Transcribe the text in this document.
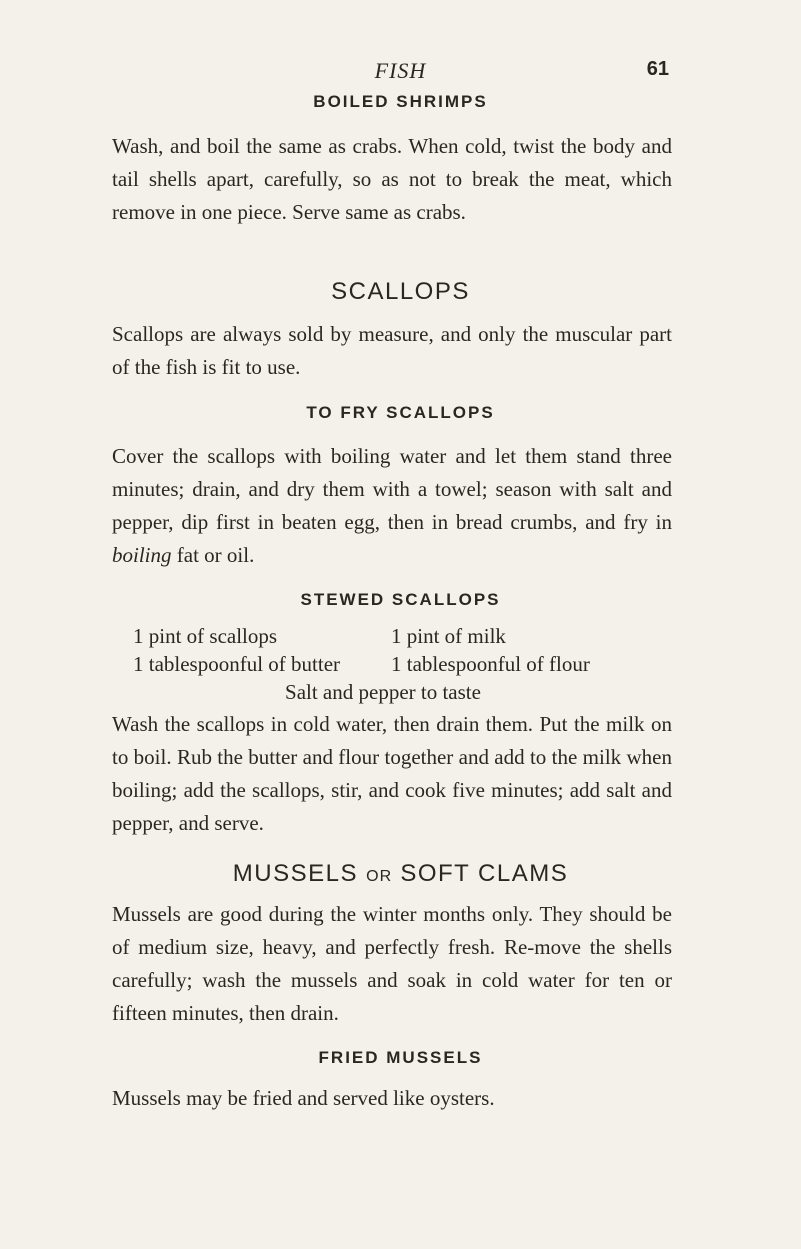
FISH	61
BOILED SHRIMPS
Wash, and boil the same as crabs. When cold, twist the body and tail shells apart, carefully, so as not to break the meat, which remove in one piece. Serve same as crabs.
SCALLOPS
Scallops are always sold by measure, and only the muscular part of the fish is fit to use.
TO FRY SCALLOPS
Cover the scallops with boiling water and let them stand three minutes; drain, and dry them with a towel; season with salt and pepper, dip first in beaten egg, then in bread crumbs, and fry in boiling fat or oil.
STEWED SCALLOPS
1 pint of scallops	1 pint of milk
1 tablespoonful of butter 1 tablespoonful of flour
Salt and pepper to taste
Wash the scallops in cold water, then drain them. Put the milk on to boil. Rub the butter and flour together and add to the milk when boiling; add the scallops, stir, and cook five minutes; add salt and pepper, and serve.
MUSSELS OR SOFT CLAMS
Mussels are good during the winter months only. They should be of medium size, heavy, and perfectly fresh. Re-move the shells carefully; wash the mussels and soak in cold water for ten or fifteen minutes, then drain.
FRIED MUSSELS
Mussels may be fried and served like oysters.
